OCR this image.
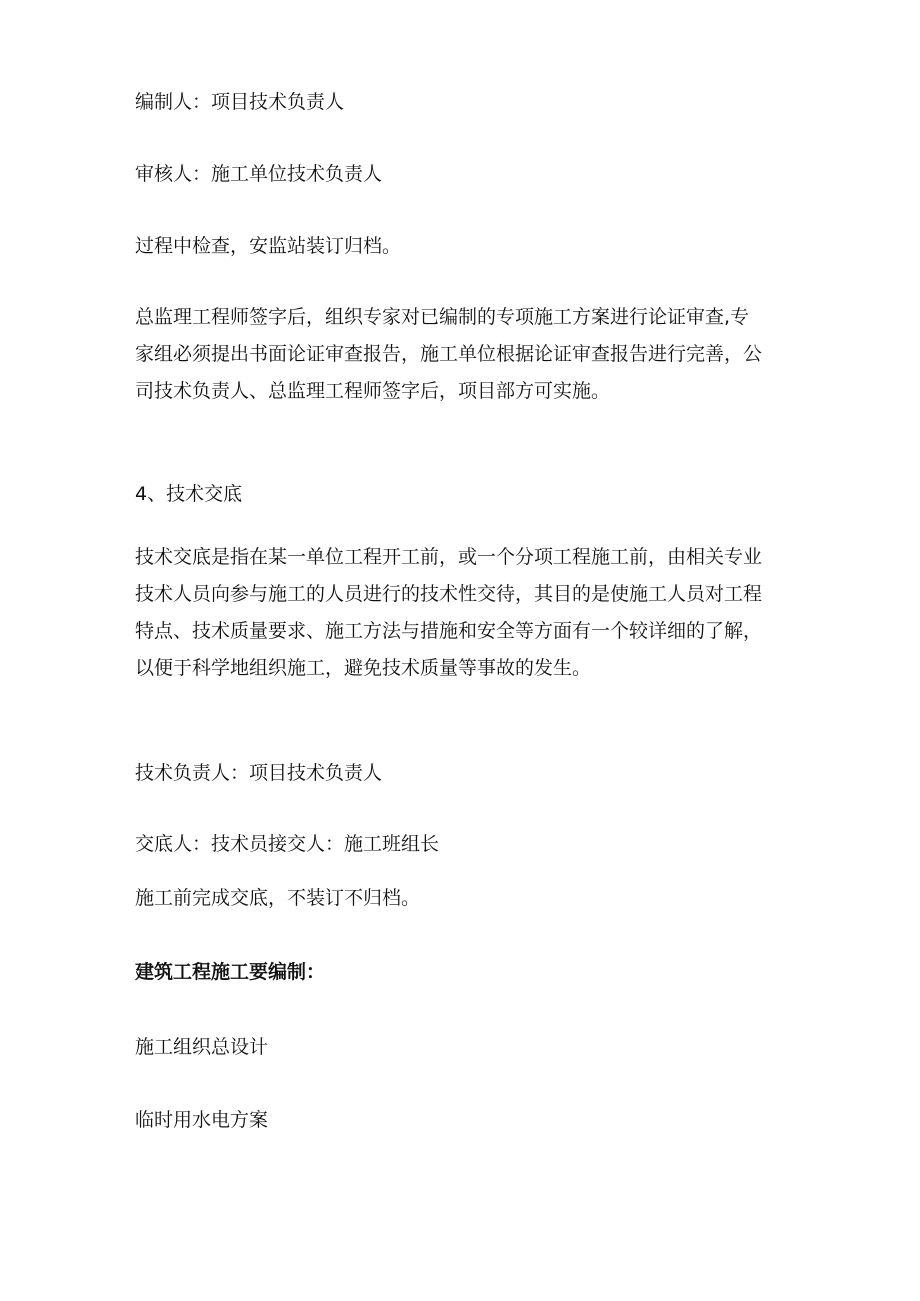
编制人：项目技术负责人
审核人：施工单位技术负责人
过程中检查，安监站装订归档。
总监理工程师签字后，组织专家对已编制的专项施工方案进行论证审查,专
家组必须提出书面论证审查报告，施工单位根据论证审查报告进行完善，公
司技术负责人、总监理工程师签字后，项目部方可实施。
4、技术交底
技术交底是指在某一单位工程开工前，或一个分项工程施工前，由相关专业
技术人员向参与施工的人员进行的技术性交待，其目的是使施工人员对工程
特点、技术质量要求、施工方法与措施和安全等方面有一个较详细的了解，
以便于科学地组织施工，避免技术质量等事故的发生。
技术负责人：项目技术负责人
交底人：技术员接交人：施工班组长
施工前完成交底，不装订不归档。
建筑工程施工要编制：
施工组织总设计
临时用水电方案
